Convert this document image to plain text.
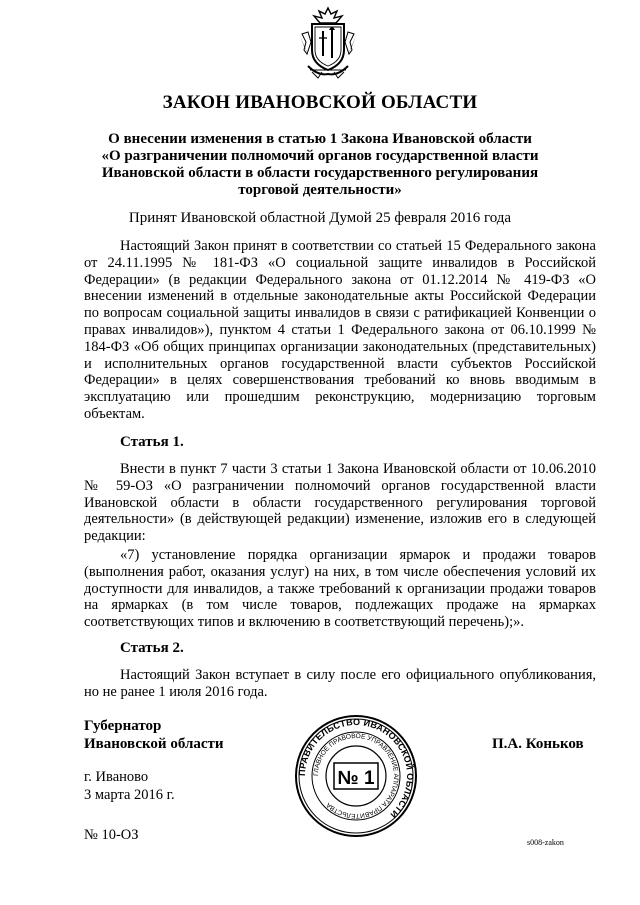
ЗАКОН ИВАНОВСКОЙ ОБЛАСТИ
О внесении изменения в статью 1 Закона Ивановской области
«О разграничении полномочий органов государственной власти
Ивановской области в области государственного регулирования
торговой деятельности»
Принят Ивановской областной Думой 25 февраля 2016 года

Настоящий Закон принят в соответствии со статьей 15 Федерального закона от 24.11.1995 № 181-ФЗ «О социальной защите инвалидов в Российской Федерации» (в редакции Федерального закона от 01.12.2014 № 419-ФЗ «О внесении изменений в отдельные законодательные акты Российской Федерации по вопросам социальной защиты инвалидов в связи с ратификацией Конвенции о правах инвалидов»), пунктом 4 статьи 1 Федерального закона от 06.10.1999 № 184-ФЗ «Об общих принципах организации законодательных (представительных) и исполнительных органов государственной власти субъектов Российской Федерации» в целях совершенствования требований ко вновь вводимым в эксплуатацию или прошедшим реконструкцию, модернизацию торговым объектам.

Статья 1.

Внести в пункт 7 части 3 статьи 1 Закона Ивановской области от 10.06.2010 № 59-ОЗ «О разграничении полномочий органов государственной власти Ивановской области в области государственного регулирования торговой деятельности» (в действующей редакции) изменение, изложив его в следующей редакции:

«7) установление порядка организации ярмарок и продажи товаров (выполнения работ, оказания услуг) на них, в том числе обеспечения условий их доступности для инвалидов, а также требований к организации продажи товаров на ярмарках (в том числе товаров, подлежащих продаже на ярмарках соответствующих типов и включению в соответствующий перечень);».

Статья 2.

Настоящий Закон вступает в силу после его официального опубликования, но не ранее 1 июля 2016 года.

Губернатор
Ивановской области	П.А. Коньков
г. Иваново
3 марта 2016 г.
№ 10-ОЗ	s008-zakon
ПРАВИТЕЛЬСТВО ИВАНОВСКОЙ ОБЛАСТИ
ГЛАВНОЕ ПРАВОВОЕ УПРАВЛЕНИЕ АППАРАТА ПРАВИТЕЛЬСТВА
№ 1
